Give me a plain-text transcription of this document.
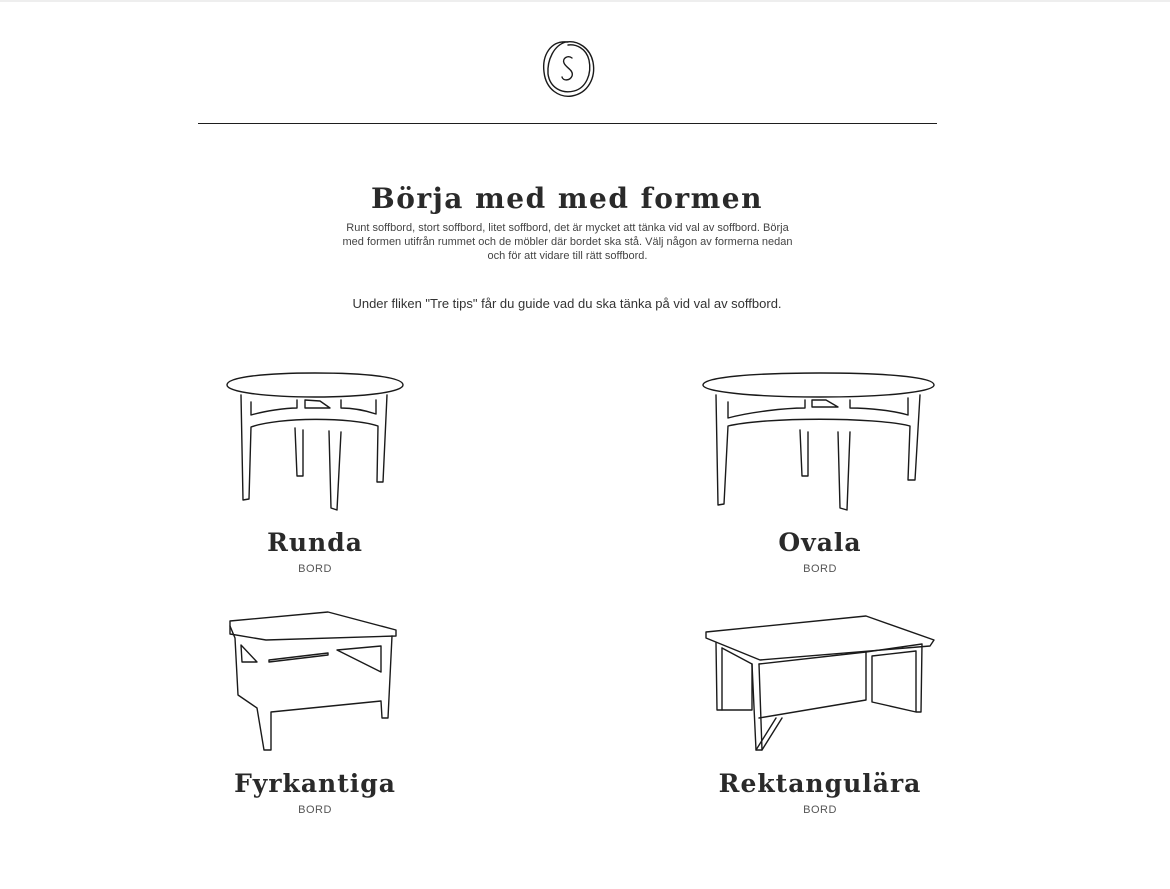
Börja med med formen

Runt soffbord, stort soffbord, litet soffbord, det är mycket att tänka vid val av soffbord. Börja med formen utifrån rummet och de möbler där bordet ska stå. Välj någon av formerna nedan och för att vidare till rätt soffbord.

Under fliken "Tre tips" får du guide vad du ska tänka på vid val av soffbord.

Runda
BORD
Ovala
BORD
Fyrkantiga
BORD
Rektangulära
BORD
